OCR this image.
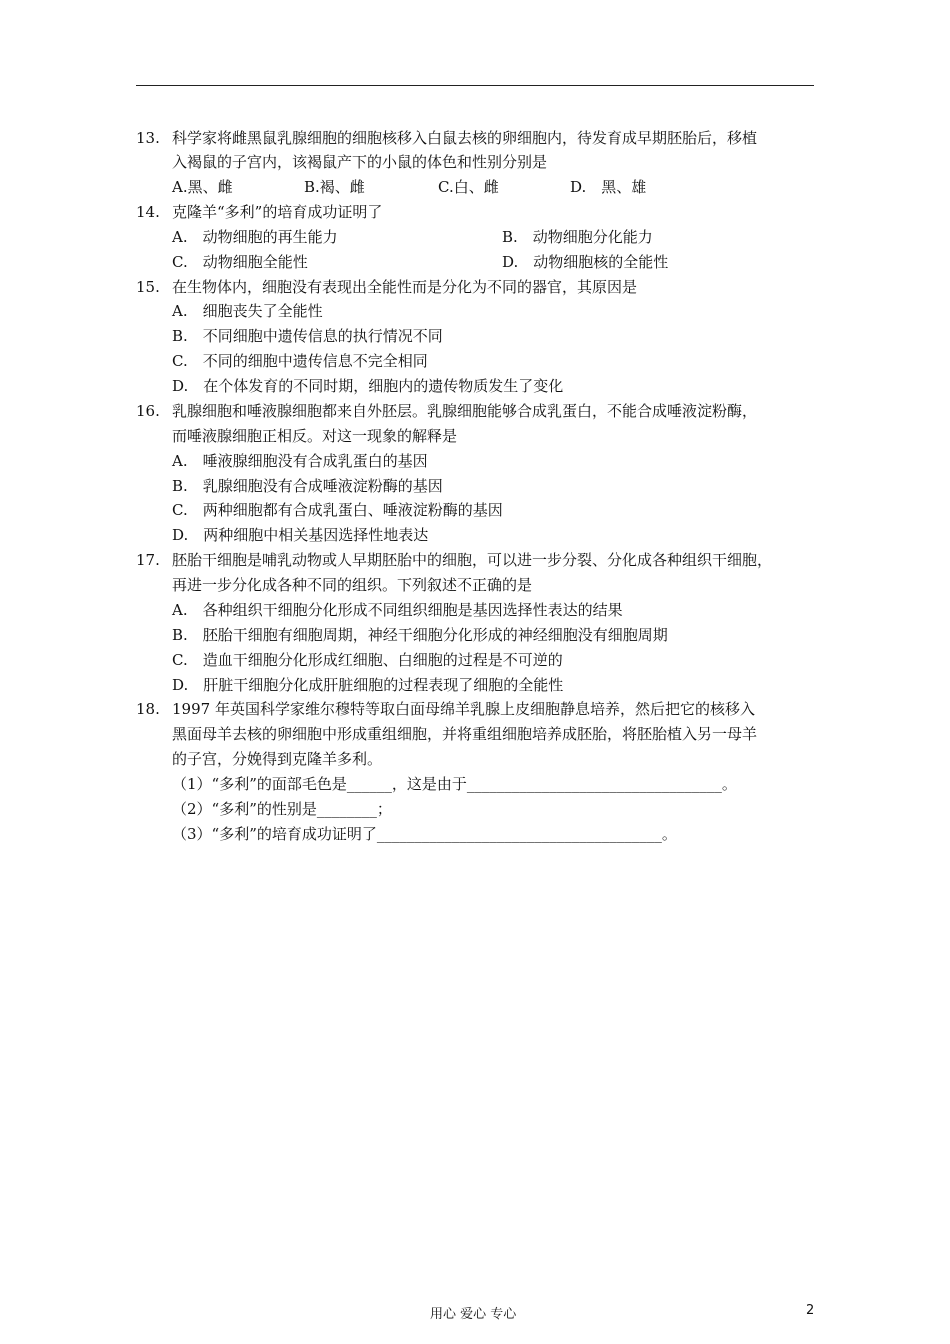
13. 科学家将雌黑鼠乳腺细胞的细胞核移入白鼠去核的卵细胞内，待发育成早期胚胎后，移植
入褐鼠的子宫内，该褐鼠产下的小鼠的体色和性别分别是
A.黑、雌	B.褐、雌	C.白、雌	D.　黑、雄
14. 克隆羊“多利”的培育成功证明了
A.　动物细胞的再生能力	B.　动物细胞分化能力
C.　动物细胞全能性	D.　动物细胞核的全能性
15. 在生物体内，细胞没有表现出全能性而是分化为不同的器官，其原因是
A.　细胞丧失了全能性
B.　不同细胞中遗传信息的执行情况不同
C.　不同的细胞中遗传信息不完全相同
D.　在个体发育的不同时期，细胞内的遗传物质发生了变化
16. 乳腺细胞和唾液腺细胞都来自外胚层。乳腺细胞能够合成乳蛋白，不能合成唾液淀粉酶，
而唾液腺细胞正相反。对这一现象的解释是
A.　唾液腺细胞没有合成乳蛋白的基因
B.　乳腺细胞没有合成唾液淀粉酶的基因
C.　两种细胞都有合成乳蛋白、唾液淀粉酶的基因
D.　两种细胞中相关基因选择性地表达
17. 胚胎干细胞是哺乳动物或人早期胚胎中的细胞，可以进一步分裂、分化成各种组织干细胞，
再进一步分化成各种不同的组织。下列叙述不正确的是
A.　各种组织干细胞分化形成不同组织细胞是基因选择性表达的结果
B.　胚胎干细胞有细胞周期，神经干细胞分化形成的神经细胞没有细胞周期
C.　造血干细胞分化形成红细胞、白细胞的过程是不可逆的
D.　肝脏干细胞分化成肝脏细胞的过程表现了细胞的全能性
18. 1997 年英国科学家维尔穆特等取白面母绵羊乳腺上皮细胞静息培养，然后把它的核移入
黑面母羊去核的卵细胞中形成重组细胞，并将重组细胞培养成胚胎，将胚胎植入另一母羊
的子宫，分娩得到克隆羊多利。
（1）“多利”的面部毛色是______，这是由于__________________________________。
（2）“多利”的性别是________；
（3）“多利”的培育成功证明了______________________________________。
用心 爱心 专心	2
